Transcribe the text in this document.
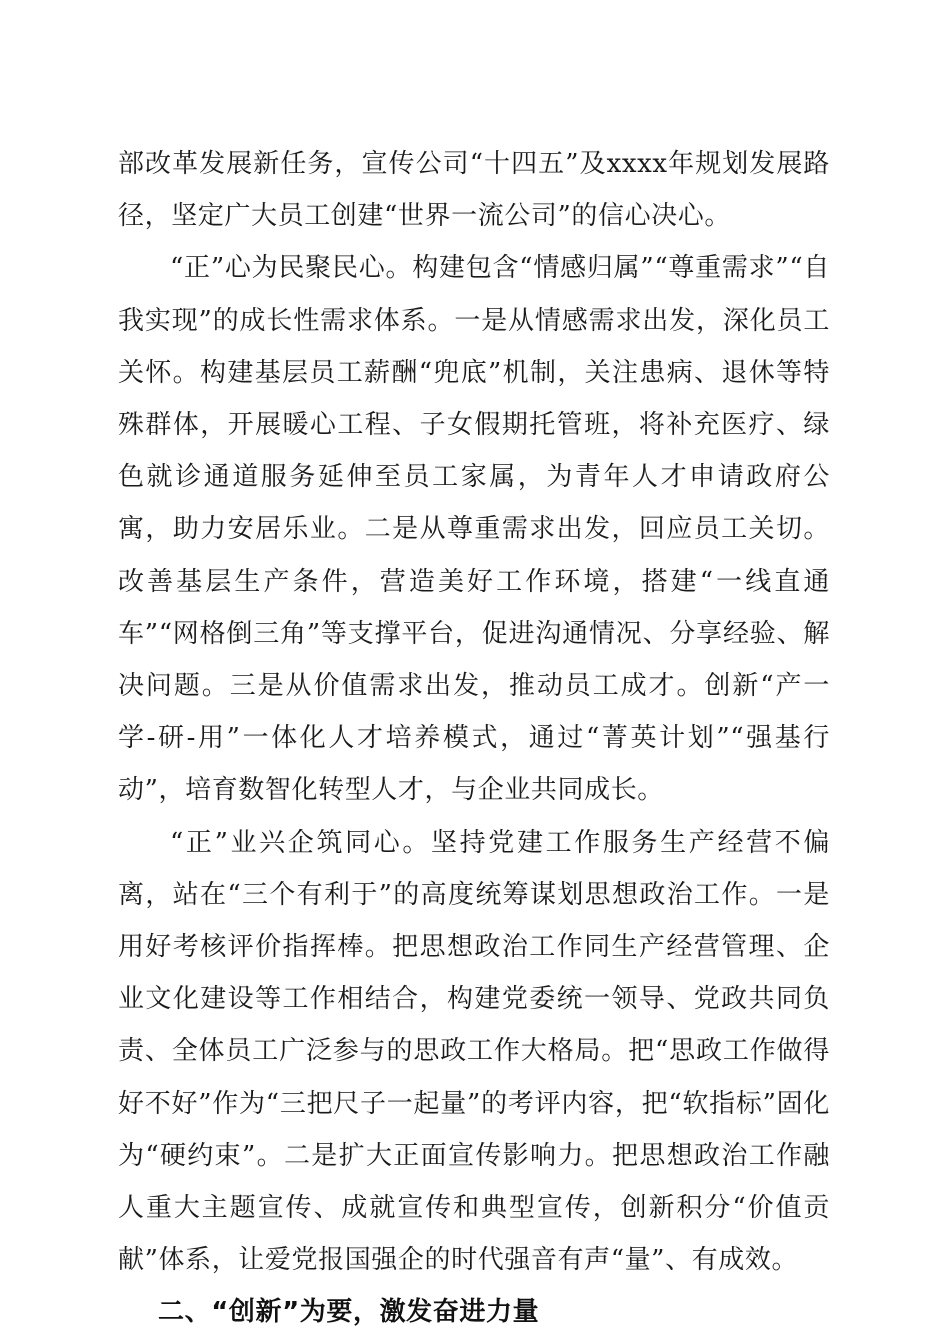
部改革发展新任务，宣传公司“十四五”及xxxx年规划发展路径，坚定广大员工创建“世界一流公司”的信心决心。

“正”心为民聚民心。构建包含“情感归属”“尊重需求”“自我实现”的成长性需求体系。一是从情感需求出发，深化员工关怀。构建基层员工薪酬“兜底”机制，关注患病、退休等特殊群体，开展暖心工程、子女假期托管班，将补充医疗、绿色就诊通道服务延伸至员工家属，为青年人才申请政府公寓，助力安居乐业。二是从尊重需求出发，回应员工关切。改善基层生产条件，营造美好工作环境，搭建“一线直通车”“网格倒三角”等支撑平台，促进沟通情况、分享经验、解决问题。三是从价值需求出发，推动员工成才。创新“产一学-研-用”一体化人才培养模式，通过“菁英计划”“强基行动”，培育数智化转型人才，与企业共同成长。

“正”业兴企筑同心。坚持党建工作服务生产经营不偏离，站在“三个有利于”的高度统筹谋划思想政治工作。一是用好考核评价指挥棒。把思想政治工作同生产经营管理、企业文化建设等工作相结合，构建党委统一领导、党政共同负责、全体员工广泛参与的思政工作大格局。把“思政工作做得好不好”作为“三把尺子一起量”的考评内容，把“软指标”固化为“硬约束”。二是扩大正面宣传影响力。把思想政治工作融人重大主题宣传、成就宣传和典型宣传，创新积分“价值贡献”体系，让爱党报国强企的时代强音有声“量”、有成效。

二、“创新”为要，激发奋进力量
